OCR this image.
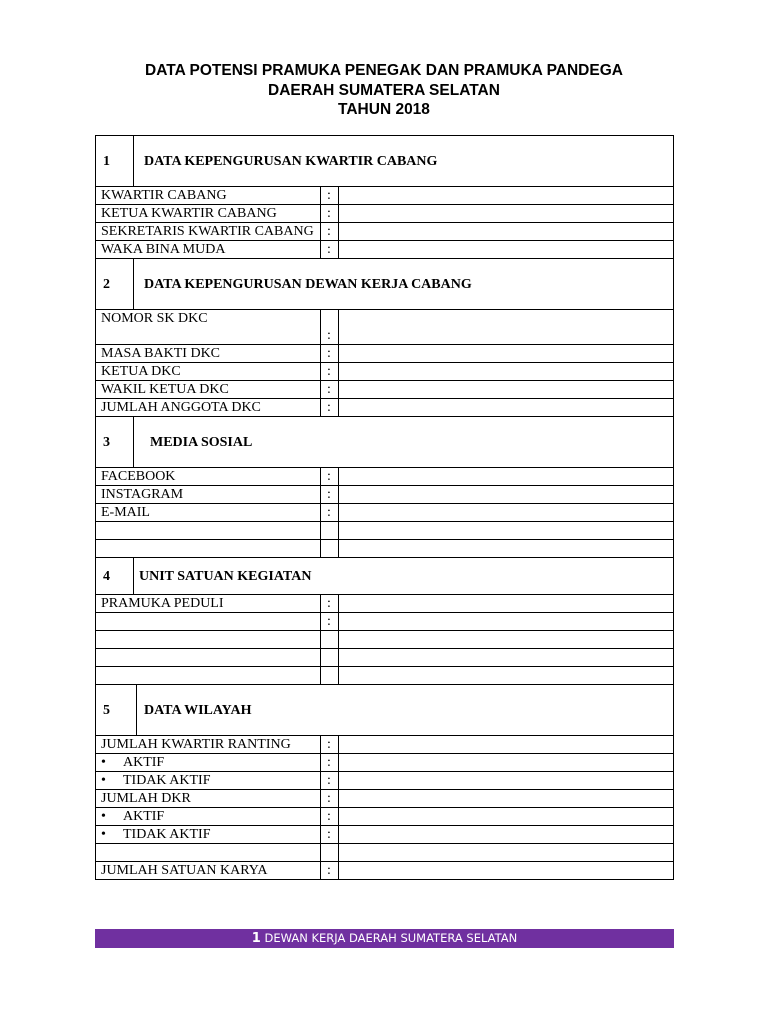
DATA POTENSI PRAMUKA PENEGAK DAN PRAMUKA PANDEGA
DAERAH SUMATERA SELATAN
TAHUN 2018
1 DATA KEPENGURUSAN KWARTIR CABANG		

KWARTIR CABANG	:	
KETUA KWARTIR CABANG	:	
SEKRETARIS KWARTIR CABANG	:	
WAKA BINA MUDA	:	

2 DATA KEPENGURUSAN DEWAN KERJA CABANG		

NOMOR SK DKC	:	
MASA BAKTI DKC	:	
KETUA DKC	:	
WAKIL KETUA DKC	:	
JUMLAH ANGGOTA DKC	:	

3 MEDIA SOSIAL		

FACEBOOK	:	
INSTAGRAM	:	
E-MAIL	:	

4 UNIT SATUAN KEGIATAN		

PRAMUKA PEDULI	:	
	:	

5 DATA WILAYAH		

JUMLAH KWARTIR RANTING	:	
• AKTIF	:	
• TIDAK AKTIF	:	
JUMLAH DKR	:	
• AKTIF	:	
• TIDAK AKTIF	:	

JUMLAH SATUAN KARYA	:	
1 DEWAN KERJA DAERAH SUMATERA SELATAN
